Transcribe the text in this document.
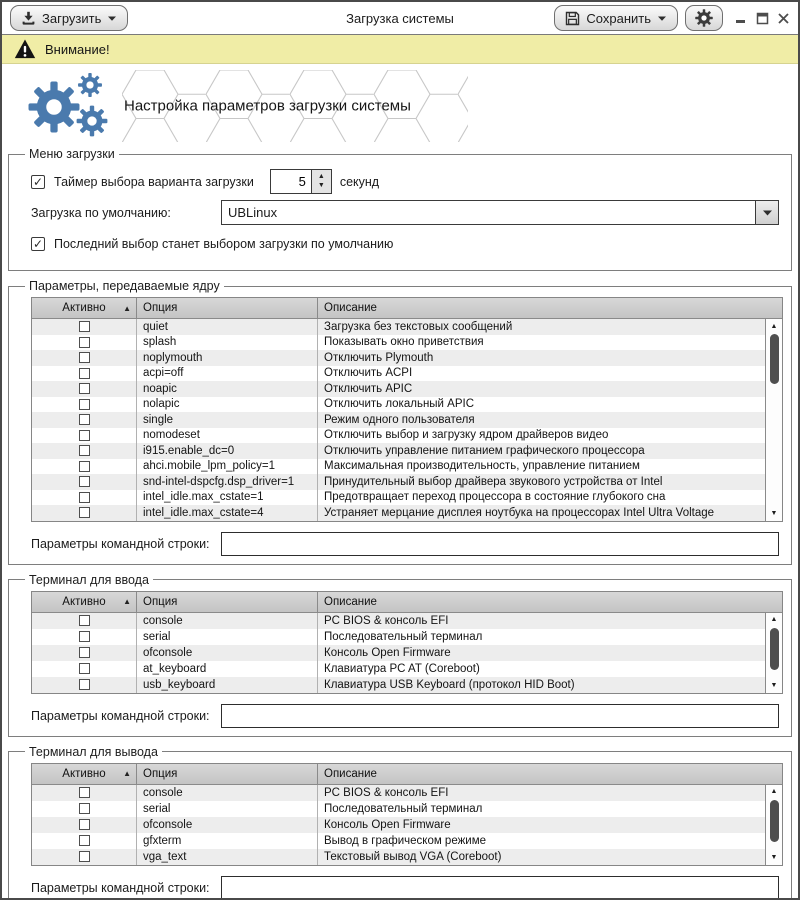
Загрузка системы
Загрузить	Сохранить
Внимание!
Настройка параметров загрузки системы
Меню загрузки
✓ Таймер выбора варианта загрузки
5	▲
▼ секунд
Загрузка по умолчанию:	UBLinux
✓ Последний выбор станет выбором загрузки по умолчанию
Параметры, передаваемые ядру
Активно ▲	Опция	Описание
quiet	Загрузка без текстовых сообщений
splash	Показывать окно приветствия
noplymouth	Отключить Plymouth
acpi=off	Отключить ACPI
noapic	Отключить APIC
nolapic	Отключить локальный APIC
single	Режим одного пользователя
nomodeset	Отключить выбор и загрузку ядром драйверов видео
i915.enable_dc=0	Отключить управление питанием графического процессора
ahci.mobile_lpm_policy=1	Максимальная производительность, управление питанием
snd-intel-dspcfg.dsp_driver=1	Принудительный выбор драйвера звукового устройства от Intel
intel_idle.max_cstate=1	Предотвращает переход процессора в состояние глубокого сна
intel_idle.max_cstate=4	Устраняет мерцание дисплея ноутбука на процессорах Intel Ultra Voltage
▲
▼
Параметры командной строки:
Терминал для ввода
Активно ▲	Опция	Описание
console	PC BIOS & консоль EFI
serial	Последовательный терминал
ofconsole	Консоль Open Firmware
at_keyboard	Клавиатура PC AT (Coreboot)
usb_keyboard	Клавиатура USB Keyboard (протокол HID Boot)
▲
▼
Параметры командной строки:
Терминал для вывода
Активно ▲	Опция	Описание
console	PC BIOS & консоль EFI
serial	Последовательный терминал
ofconsole	Консоль Open Firmware
gfxterm	Вывод в графическом режиме
vga_text	Текстовый вывод VGA (Coreboot)
▲
▼
Параметры командной строки:
